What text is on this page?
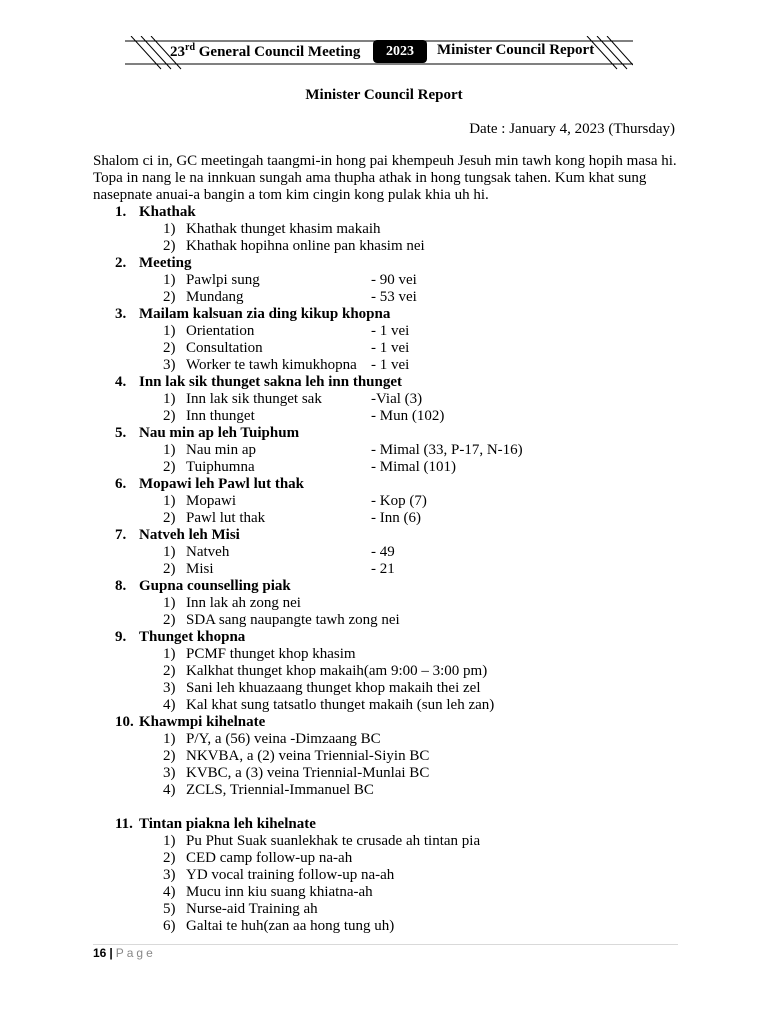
23rd General Council Meeting	2023	Minister Council Report
Minister Council Report
Date : January 4, 2023 (Thursday)
Shalom ci in, GC meetingah taangmi-in hong pai khempeuh Jesuh min tawh kong hopih masa hi. Topa in nang le na innkuan sungah ama thupha athak in hong tungsak tahen. Kum khat sung nasepnate anuai-a bangin a tom kim cingin kong pulak khia uh hi.
1. Khathak
1) Khathak thunget khasim makaih
2) Khathak hopihna online pan khasim nei
2. Meeting
1) Pawlpi sung	- 90 vei
2) Mundang	- 53 vei
3. Mailam kalsuan zia ding kikup khopna
1) Orientation	- 1 vei
2) Consultation	- 1 vei
3) Worker te tawh kimukhopna - 1 vei
4. Inn lak sik thunget sakna leh inn thunget
1) Inn lak sik thunget sak	-Vial (3)
2) Inn thunget	- Mun (102)
5. Nau min ap leh Tuiphum
1) Nau min ap	- Mimal (33, P-17, N-16)
2) Tuiphumna	- Mimal (101)
6. Mopawi leh Pawl lut thak
1) Mopawi	- Kop (7)
2) Pawl lut thak	- Inn (6)
7. Natveh leh Misi
1) Natveh	- 49
2) Misi	- 21
8. Gupna counselling piak
1) Inn lak ah zong nei
2) SDA sang naupangte tawh zong nei
9. Thunget khopna
1) PCMF thunget khop khasim
2) Kalkhat thunget khop makaih(am 9:00 – 3:00 pm)
3) Sani leh khuazaang thunget khop makaih thei zel
4) Kal khat sung tatsatlo thunget makaih (sun leh zan)
10. Khawmpi kihelnate
1) P/Y, a (56) veina -Dimzaang BC
2) NKVBA, a (2) veina Triennial-Siyin BC
3) KVBC, a (3) veina Triennial-Munlai BC
4) ZCLS, Triennial-Immanuel BC
11. Tintan piakna leh kihelnate
1) Pu Phut Suak suanlekhak te crusade ah tintan pia
2) CED camp follow-up na-ah
3) YD vocal training follow-up na-ah
4) Mucu inn kiu suang khiatna-ah
5) Nurse-aid Training ah
6) Galtai te huh(zan aa hong tung uh)
16 | Page
